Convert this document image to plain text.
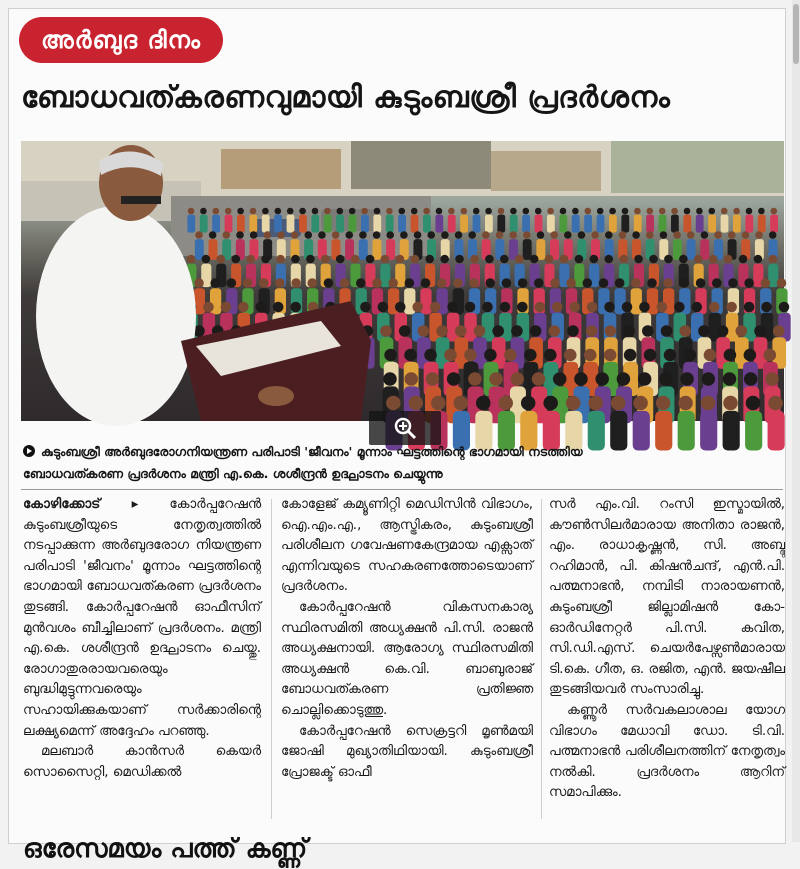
അർബുദ ദിനം
ബോധവത്കരണവുമായി കുടുംബശ്രീ പ്രദർശനം
കുടുംബശ്രീ അർബുദരോഗനിയന്ത്രണ പരിപാടി 'ജീവനം' മൂന്നാം ഘട്ടത്തിന്റെ ഭാഗമായി നടത്തിയ
ബോധവത്കരണ പ്രദർശനം മന്ത്രി എ.കെ. ശശീന്ദ്രൻ ഉദ്ഘാടനം ചെയ്യുന്നു

കോഴിക്കോട് ▸ കോർപ്പറേഷൻ കുടുംബശ്രീയുടെ നേതൃത്വത്തിൽ നടപ്പാക്കുന്ന അർബുദരോഗ നിയന്ത്രണ പരിപാടി 'ജീവനം' മൂന്നാം ഘട്ടത്തിന്റെ ഭാഗമായി ബോധവത്കരണ പ്രദർശനം തുടങ്ങി. കോർപ്പറേഷൻ ഓഫീസിന് മുൻവശം ബീച്ചിലാണ് പ്രദർശനം. മന്ത്രി എ.കെ. ശശീന്ദ്രൻ ഉദ്ഘാടനം ചെയ്തു. രോഗാതുരരായവരെയും ബുദ്ധിമുട്ടുന്നവരെയും സഹായിക്കുകയാണ് സർക്കാരിന്റെ ലക്ഷ്യമെന്ന് അദ്ദേഹം പറഞ്ഞു.

മലബാർ കാൻസർ കെയർ സൊസൈറ്റി, മെഡിക്കൽ

കോളേജ് കമ്യൂണിറ്റി മെഡിസിൻ വിഭാഗം, ഐ.എം.എ., ആസ്ട്രികരം, കുടുംബശ്രീ പരിശീലന ഗവേഷണകേന്ദ്രമായ എക്സാത് എന്നിവയുടെ സഹകരണത്തോടെയാണ് പ്രദർശനം.

കോർപ്പറേഷൻ വികസനകാര്യ സ്ഥിരസമിതി അധ്യക്ഷൻ പി.സി. രാജൻ അധ്യക്ഷനായി. ആരോഗ്യ സ്ഥിരസമിതി അധ്യക്ഷൻ കെ.വി. ബാബുരാജ് ബോധവത്കരണ പ്രതിജ്ഞ ചൊല്ലിക്കൊടുത്തു.

കോർപ്പറേഷൻ സെക്രട്ടറി മൃൺമയി ജോഷി മുഖ്യാതിഥിയായി. കുടുംബശ്രീ പ്രോജക്ട് ഓഫീ

സർ എം.വി. റംസി ഇസ്മായിൽ, കൗൺസിലർമാരായ അനിതാ രാജൻ, എം. രാധാകൃഷ്ണൻ, സി. അബ്ദു റഹിമാൻ, പി. കിഷൻചന്ദ്, എൻ.പി. പത്മനാഭൻ, നമ്പിടി നാരായണൻ, കുടുംബശ്രീ ജില്ലാമിഷൻ കോ-ഓർഡിനേറ്റർ പി.സി. കവിത, സി.ഡി.എസ്. ചെയർപേഴ്സൺമാരായ ടി.കെ. ഗീത, ഒ. രജിത, എൻ. ജയഷീല തുടങ്ങിയവർ സംസാരിച്ചു.

കണ്ണൂർ സർവകലാശാല യോഗ വിഭാഗം മേധാവി ഡോ. ടി.വി. പത്മനാഭൻ പരിശീലനത്തിന് നേതൃത്വം നൽകി. പ്രദർശനം ആറിന് സമാപിക്കും.

ഒരേസമയം പത്ത് കണ്ണ്
